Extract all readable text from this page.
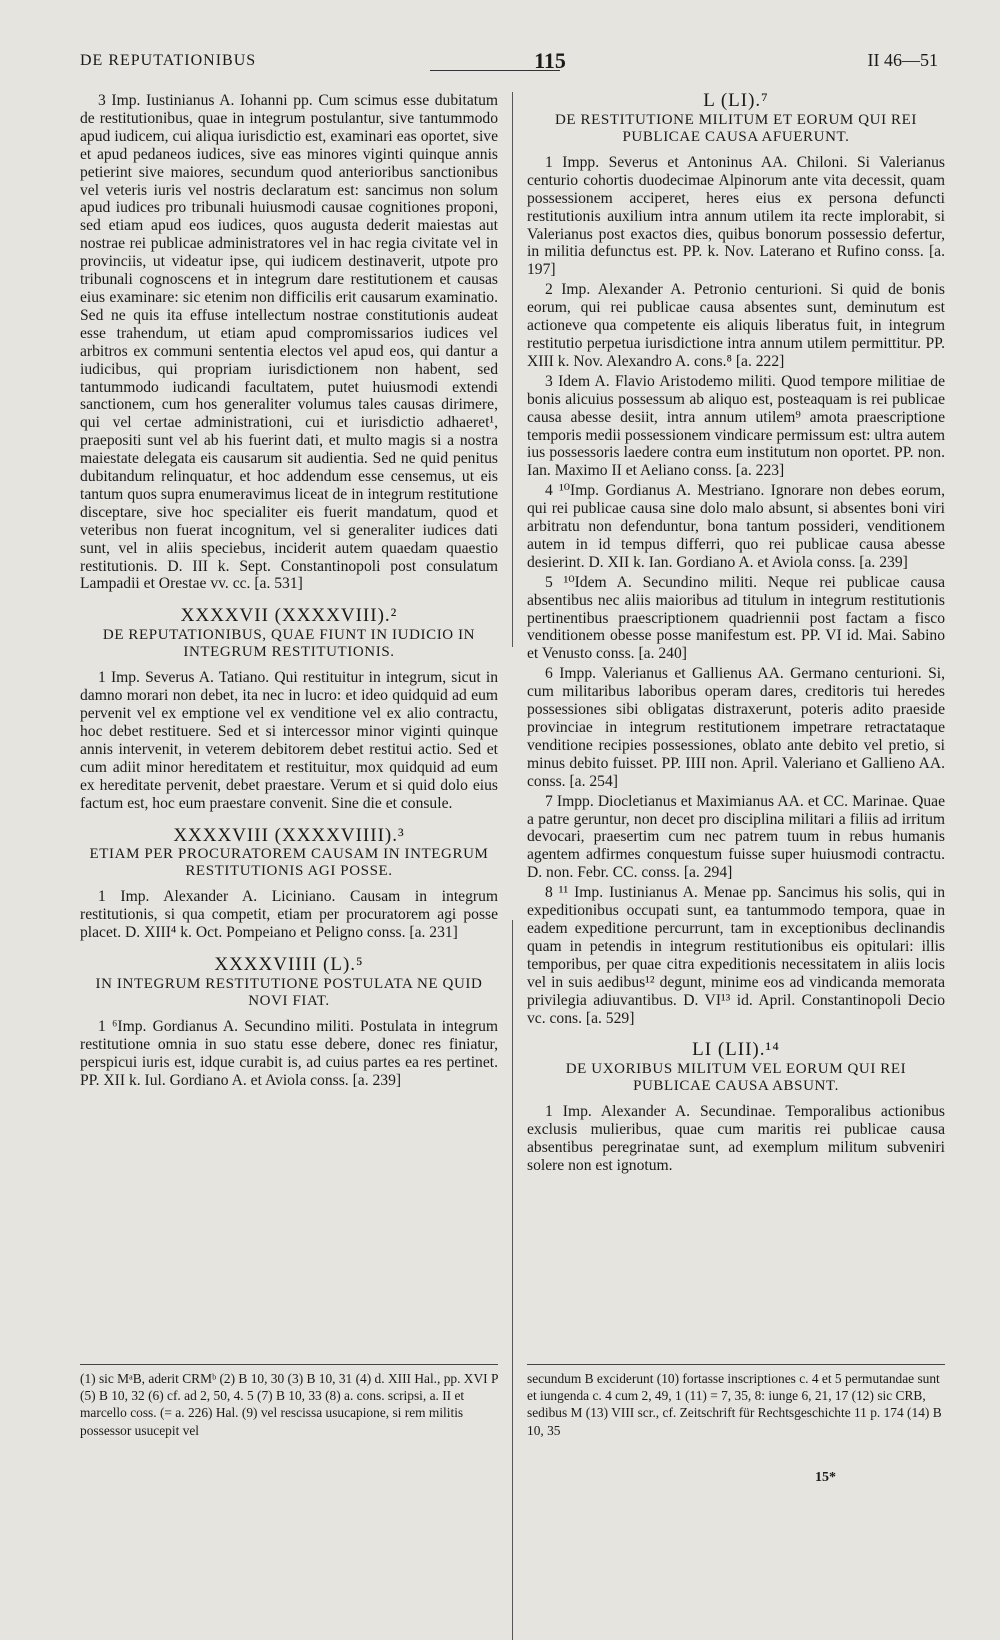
DE REPUTATIONIBUS	115	II 46—51

3 Imp. Iustinianus A. Iohanni pp. Cum scimus esse dubitatum de restitutionibus, quae in integrum postulantur, sive tantummodo apud iudicem, cui aliqua iurisdictio est, examinari eas oportet, sive et apud pedaneos iudices, sive eas minores viginti quinque annis petierint sive maiores, secundum quod anterioribus sanctionibus vel veteris iuris vel nostris declaratum est: sancimus non solum apud iudices pro tribunali huiusmodi causae cognitiones proponi, sed etiam apud eos iudices, quos augusta dederit maiestas aut nostrae rei publicae administratores vel in hac regia civitate vel in provinciis, ut videatur ipse, qui iudicem destinaverit, utpote pro tribunali cognoscens et in integrum dare restitutionem et causas eius examinare: sic etenim non difficilis erit causarum examinatio. Sed ne quis ita effuse intellectum nostrae constitutionis audeat esse trahendum, ut etiam apud compromissarios iudices vel arbitros ex communi sententia electos vel apud eos, qui dantur a iudicibus, qui propriam iurisdictionem non habent, sed tantummodo iudicandi facultatem, putet huiusmodi extendi sanctionem, cum hos generaliter volumus tales causas dirimere, qui vel certae administrationi, cui et iurisdictio adhaeret¹, praepositi sunt vel ab his fuerint dati, et multo magis si a nostra maiestate delegata eis causarum sit audientia. Sed ne quid penitus dubitandum relinquatur, et hoc addendum esse censemus, ut eis tantum quos supra enumeravimus liceat de in integrum restitutione disceptare, sive hoc specialiter eis fuerit mandatum, quod et veteribus non fuerat incognitum, vel si generaliter iudices dati sunt, vel in aliis speciebus, inciderit autem quaedam quaestio restitutionis. D. III k. Sept. Constantinopoli post consulatum Lampadii et Orestae vv. cc. [a. 531]

XXXXVII (XXXXVIII).²
DE REPUTATIONIBUS, QUAE FIUNT IN IUDICIO IN INTEGRUM RESTITUTIONIS.

1 Imp. Severus A. Tatiano. Qui restituitur in integrum, sicut in damno morari non debet, ita nec in lucro: et ideo quidquid ad eum pervenit vel ex emptione vel ex venditione vel ex alio contractu, hoc debet restituere. Sed et si intercessor minor viginti quinque annis intervenit, in veterem debitorem debet restitui actio. Sed et cum adiit minor hereditatem et restituitur, mox quidquid ad eum ex hereditate pervenit, debet praestare. Verum et si quid dolo eius factum est, hoc eum praestare convenit. Sine die et consule.

XXXXVIII (XXXXVIIII).³
ETIAM PER PROCURATOREM CAUSAM IN INTEGRUM RESTITUTIONIS AGI POSSE.

1 Imp. Alexander A. Liciniano. Causam in integrum restitutionis, si qua competit, etiam per procuratorem agi posse placet. D. XIII⁴ k. Oct. Pompeiano et Peligno conss. [a. 231]

XXXXVIIII (L).⁵
IN INTEGRUM RESTITUTIONE POSTULATA NE QUID NOVI FIAT.

1 ⁶Imp. Gordianus A. Secundino militi. Postulata in integrum restitutione omnia in suo statu esse debere, donec res finiatur, perspicui iuris est, idque curabit is, ad cuius partes ea res pertinet. PP. XII k. Iul. Gordiano A. et Aviola conss. [a. 239]

L (LI).⁷
DE RESTITUTIONE MILITUM ET EORUM QUI REI PUBLICAE CAUSA AFUERUNT.

1 Impp. Severus et Antoninus AA. Chiloni. Si Valerianus centurio cohortis duodecimae Alpinorum ante vita decessit, quam possessionem acciperet, heres eius ex persona defuncti restitutionis auxilium intra annum utilem ita recte implorabit, si Valerianus post exactos dies, quibus bonorum possessio defertur, in militia defunctus est. PP. k. Nov. Laterano et Rufino conss. [a. 197]

2 Imp. Alexander A. Petronio centurioni. Si quid de bonis eorum, qui rei publicae causa absentes sunt, deminutum est actioneve qua competente eis aliquis liberatus fuit, in integrum restitutio perpetua iurisdictione intra annum utilem permittitur. PP. XIII k. Nov. Alexandro A. cons.⁸ [a. 222]

3 Idem A. Flavio Aristodemo militi. Quod tempore militiae de bonis alicuius possessum ab aliquo est, posteaquam is rei publicae causa abesse desiit, intra annum utilem⁹ amota praescriptione temporis medii possessionem vindicare permissum est: ultra autem ius possessoris laedere contra eum institutum non oportet. PP. non. Ian. Maximo II et Aeliano conss. [a. 223]

4 ¹⁰Imp. Gordianus A. Mestriano. Ignorare non debes eorum, qui rei publicae causa sine dolo malo absunt, si absentes boni viri arbitratu non defenduntur, bona tantum possideri, venditionem autem in id tempus differri, quo rei publicae causa abesse desierint. D. XII k. Ian. Gordiano A. et Aviola conss. [a. 239]

5 ¹⁰Idem A. Secundino militi. Neque rei publicae causa absentibus nec aliis maioribus ad titulum in integrum restitutionis pertinentibus praescriptionem quadriennii post factam a fisco venditionem obesse posse manifestum est. PP. VI id. Mai. Sabino et Venusto conss. [a. 240]

6 Impp. Valerianus et Gallienus AA. Germano centurioni. Si, cum militaribus laboribus operam dares, creditoris tui heredes possessiones sibi obligatas distraxerunt, poteris adito praeside provinciae in integrum restitutionem impetrare retractataque venditione recipies possessiones, oblato ante debito vel pretio, si minus debito fuisset. PP. IIII non. April. Valeriano et Gallieno AA. conss. [a. 254]

7 Impp. Diocletianus et Maximianus AA. et CC. Marinae. Quae a patre geruntur, non decet pro disciplina militari a filiis ad irritum devocari, praesertim cum nec patrem tuum in rebus humanis agentem adfirmes conquestum fuisse super huiusmodi contractu. D. non. Febr. CC. conss. [a. 294]

8 ¹¹ Imp. Iustinianus A. Menae pp. Sancimus his solis, qui in expeditionibus occupati sunt, ea tantummodo tempora, quae in eadem expeditione percurrunt, tam in exceptionibus declinandis quam in petendis in integrum restitutionibus eis opitulari: illis temporibus, per quae citra expeditionis necessitatem in aliis locis vel in suis aedibus¹² degunt, minime eos ad vindicanda memorata privilegia adiuvantibus. D. VI¹³ id. April. Constantinopoli Decio vc. cons. [a. 529]

LI (LII).¹⁴
DE UXORIBUS MILITUM VEL EORUM QUI REI PUBLICAE CAUSA ABSUNT.

1 Imp. Alexander A. Secundinae. Temporalibus actionibus exclusis mulieribus, quae cum maritis rei publicae causa absentibus peregrinatae sunt, ad exemplum militum subveniri solere non est ignotum.

(1) sic MᵃB, aderit CRMᵇ (2) B 10, 30 (3) B 10, 31 (4) d. XIII Hal., pp. XVI P (5) B 10, 32 (6) cf. ad 2, 50, 4. 5 (7) B 10, 33 (8) a. cons. scripsi, a. II et marcello coss. (= a. 226) Hal. (9) vel rescissa usucapione, si rem militis possessor usucepit vel
secundum B exciderunt (10) fortasse inscriptiones c. 4 et 5 permutandae sunt et iungenda c. 4 cum 2, 49, 1 (11) = 7, 35, 8: iunge 6, 21, 17 (12) sic CRB, sedibus M (13) VIII scr., cf. Zeitschrift für Rechtsgeschichte 11 p. 174 (14) B 10, 35
15*
